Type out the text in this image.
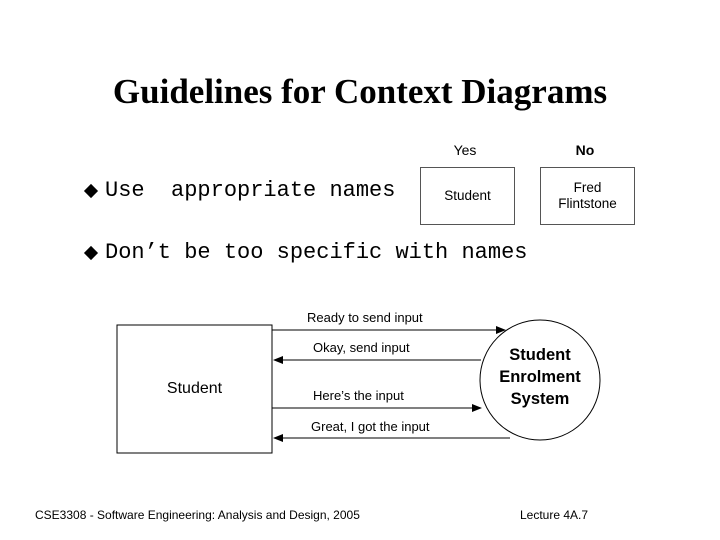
Guidelines for Context Diagrams
Yes	No
Student
Fred
Flintstone
Use
appropriate names
Don’t
be too specific with names
Ready to send input
Okay, send input
Here’s the input
Great, I got the input
Student
Student Enrolment System
CSE3308 - Software Engineering: Analysis and Design, 2005	Lecture 4A.7
